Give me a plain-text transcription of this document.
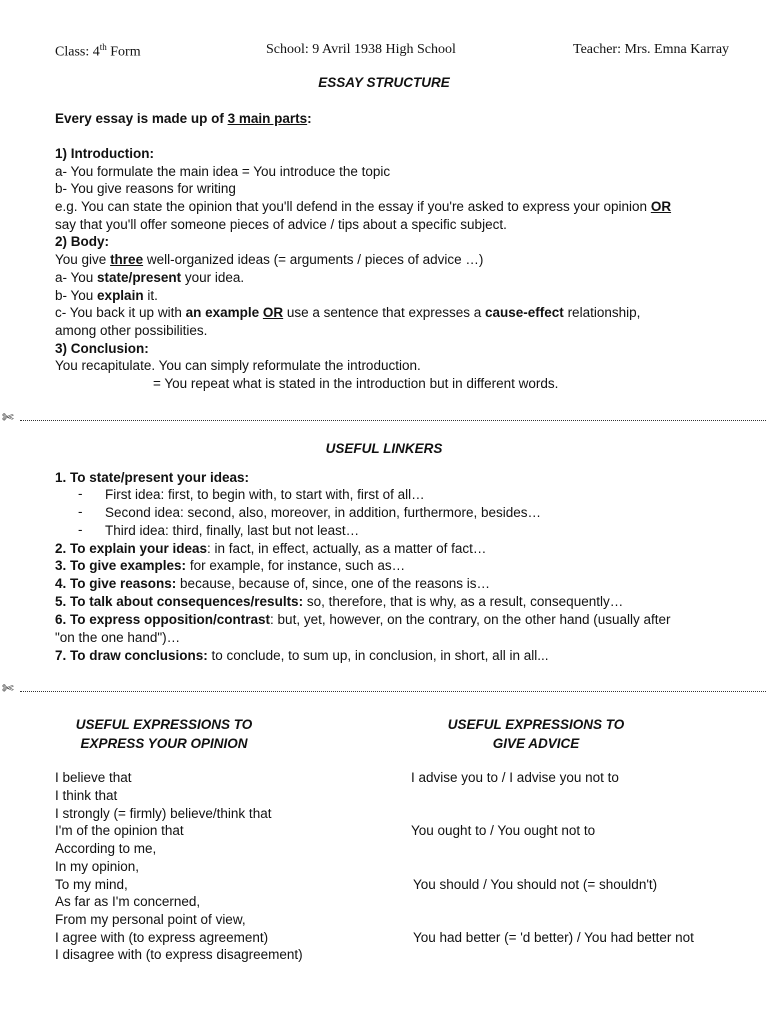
Class: 4th Form	School: 9 Avril 1938 High School	Teacher: Mrs. Emna Karray
ESSAY STRUCTURE
Every essay is made up of 3 main parts:
1) Introduction:
a- You formulate the main idea = You introduce the topic
b- You give reasons for writing
e.g. You can state the opinion that you'll defend in the essay if you're asked to express your opinion OR
say that you'll offer someone pieces of advice / tips about a specific subject.
2) Body:
You give three well-organized ideas (= arguments / pieces of advice …)
a- You state/present your idea.
b- You explain it.
c- You back it up with an example OR use a sentence that expresses a cause-effect relationship,
among other possibilities.
3) Conclusion:
You recapitulate. You can simply reformulate the introduction.
= You repeat what is stated in the introduction but in different words.
✄
USEFUL LINKERS
1. To state/present your ideas:
- First idea: first, to begin with, to start with, first of all…
- Second idea: second, also, moreover, in addition, furthermore, besides…
- Third idea: third, finally, last but not least…
2. To explain your ideas: in fact, in effect, actually, as a matter of fact…
3. To give examples: for example, for instance, such as…
4. To give reasons: because, because of, since, one of the reasons is…
5. To talk about consequences/results: so, therefore, that is why, as a result, consequently…
6. To express opposition/contrast: but, yet, however, on the contrary, on the other hand (usually after
"on the one hand")…
7. To draw conclusions: to conclude, to sum up, in conclusion, in short, all in all...
✄
USEFUL EXPRESSIONS TO
EXPRESS YOUR OPINION
USEFUL EXPRESSIONS TO
GIVE ADVICE
I believe that
I think that
I strongly (= firmly) believe/think that
I'm of the opinion that
According to me,
In my opinion,
To my mind,
As far as I'm concerned,
From my personal point of view,
I agree with (to express agreement)
I disagree with (to express disagreement)
I advise you to / I advise you not to
You ought to / You ought not to
You should / You should not (= shouldn't)
You had better (= 'd better) / You had better not
